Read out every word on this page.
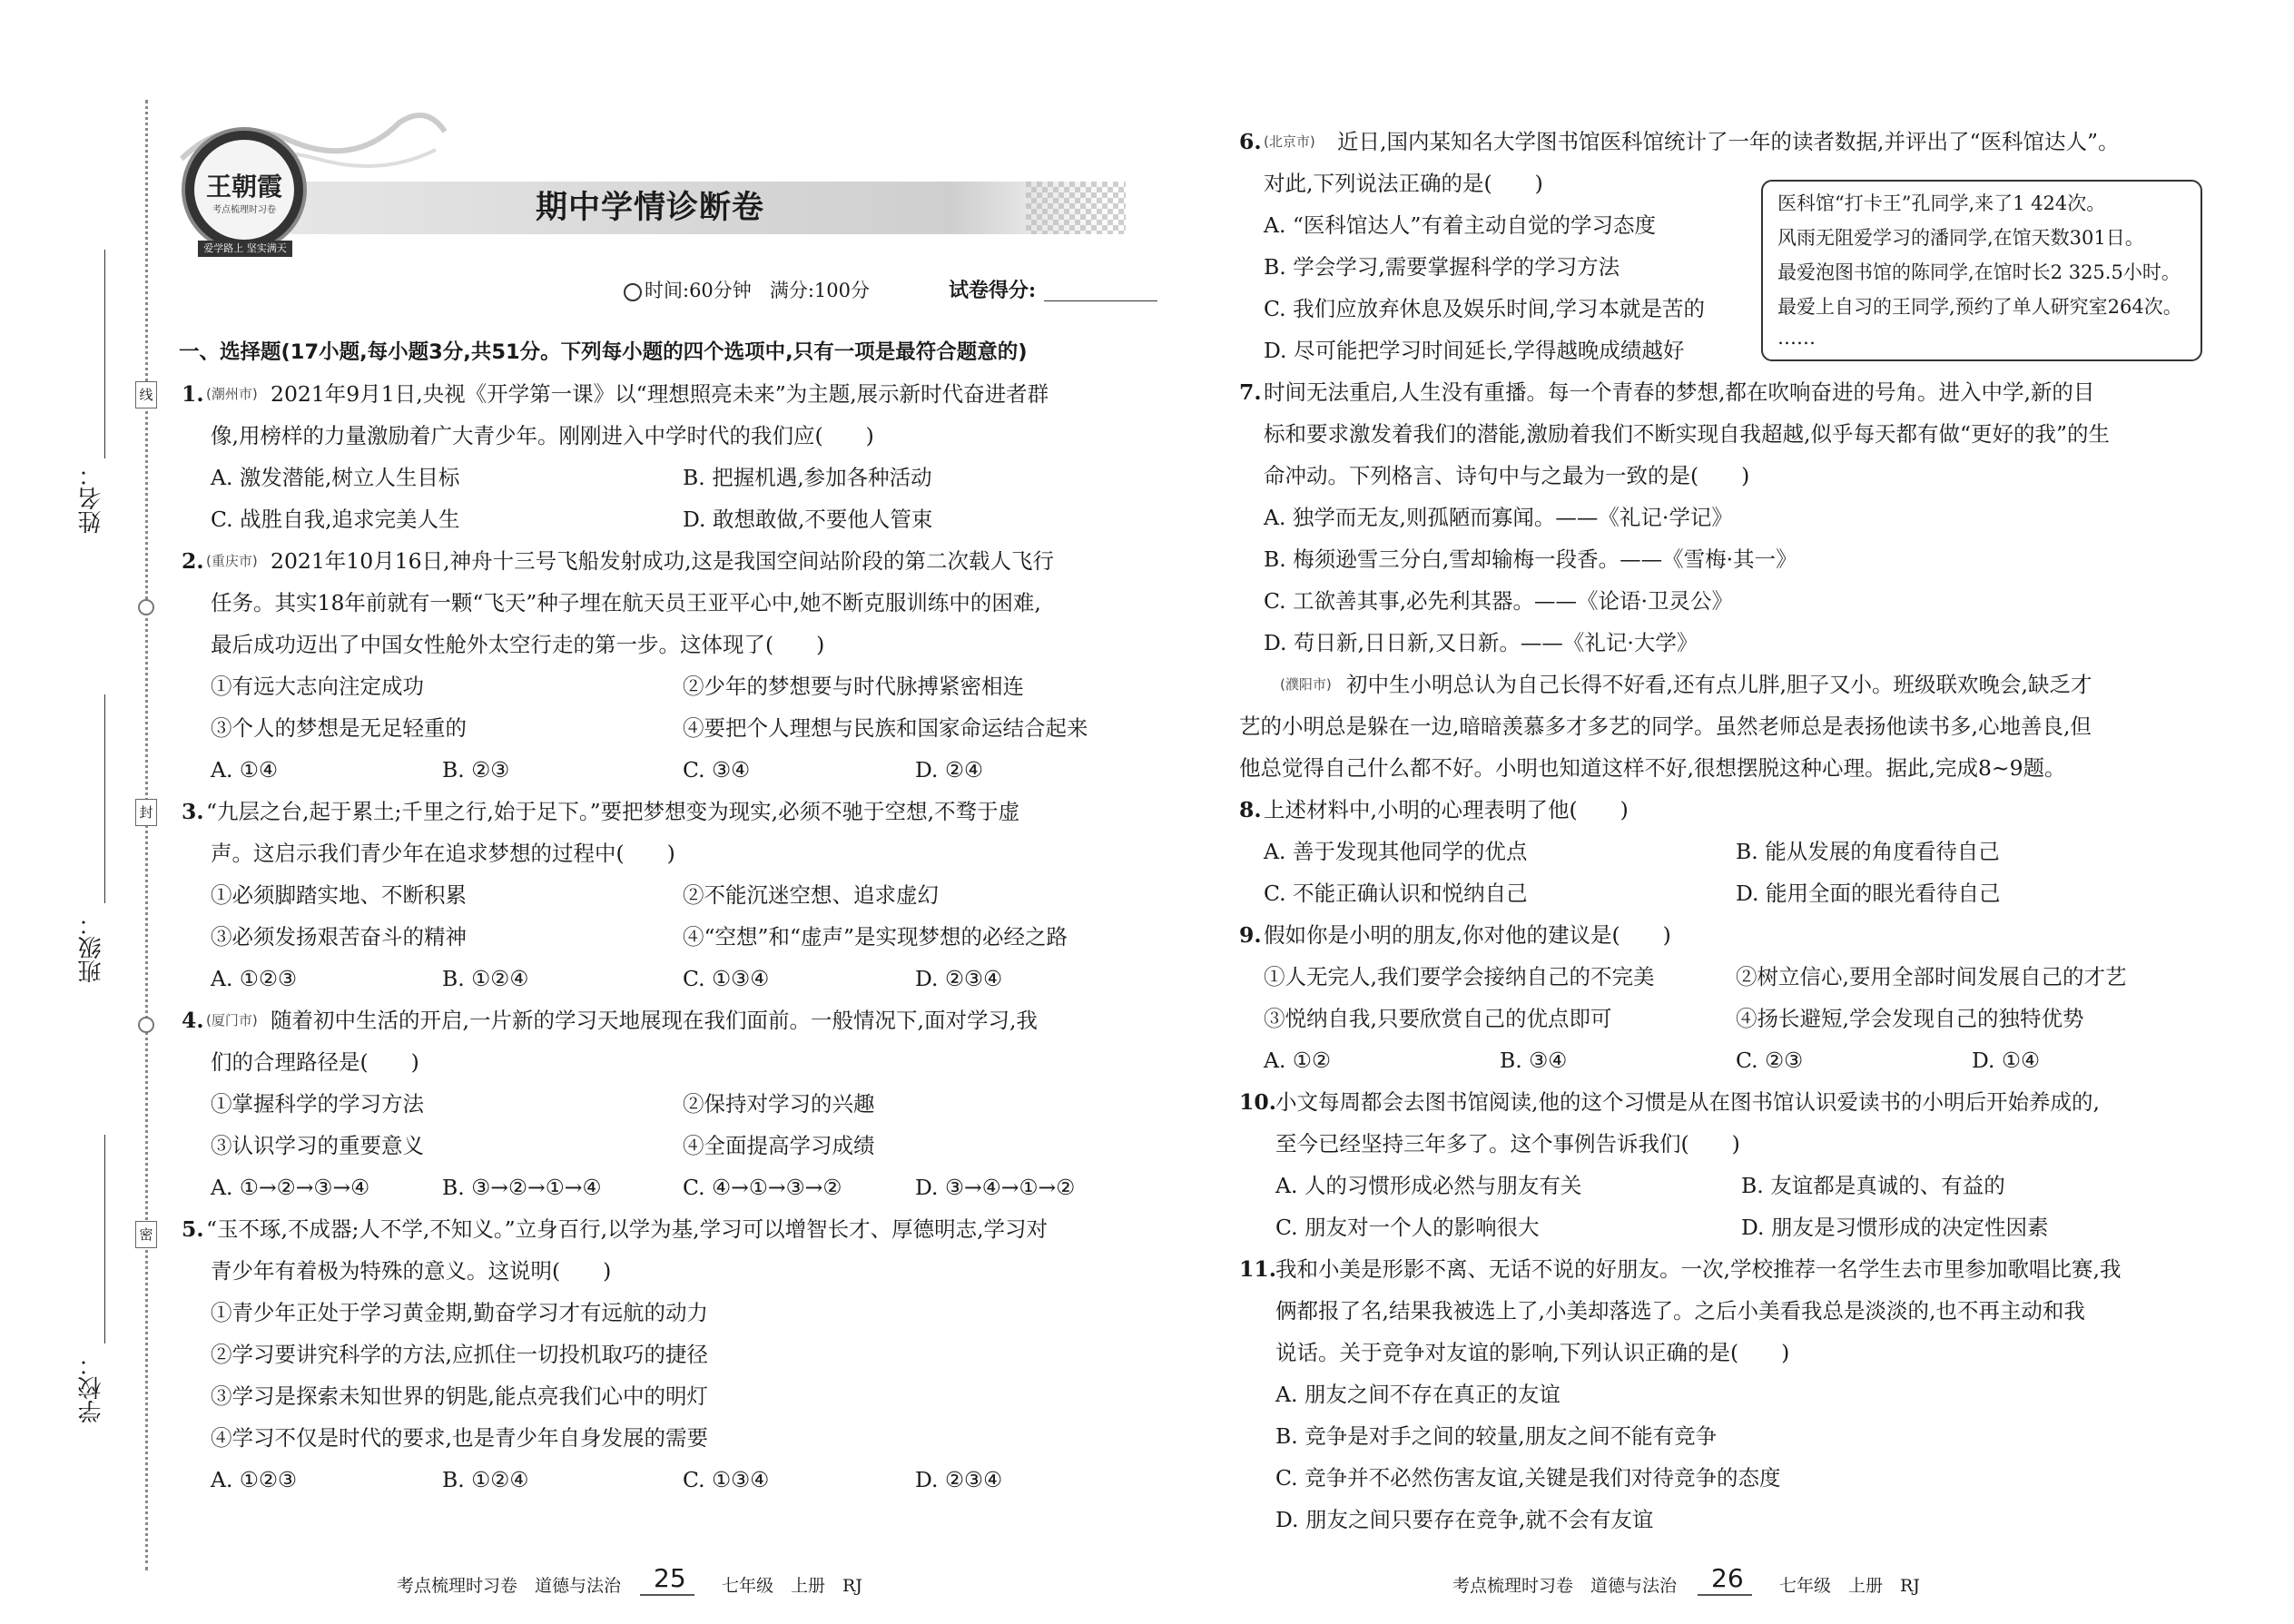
线
封
密
姓名：
班级：
学校：
王朝霞
考点梳理时习卷
爱学路上 坚实满天
期中学情诊断卷
时间:60分钟   满分:100分	试卷得分:
一、选择题(17小题,每小题3分,共51分。下列每小题的四个选项中,只有一项是最符合题意的)
1. (潮州市) 2021年9月1日,央视《开学第一课》以“理想照亮未来”为主题,展示新时代奋进者群
像,用榜样的力量激励着广大青少年。刚刚进入中学时代的我们应(　　)
A. 激发潜能,树立人生目标	B. 把握机遇,参加各种活动
C. 战胜自我,追求完美人生	D. 敢想敢做,不要他人管束
2. (重庆市) 2021年10月16日,神舟十三号飞船发射成功,这是我国空间站阶段的第二次载人飞行
任务。其实18年前就有一颗“飞天”种子埋在航天员王亚平心中,她不断克服训练中的困难,
最后成功迈出了中国女性舱外太空行走的第一步。这体现了(　　)
①有远大志向注定成功	②少年的梦想要与时代脉搏紧密相连
③个人的梦想是无足轻重的	④要把个人理想与民族和国家命运结合起来
A. ①④	B. ②③	C. ③④	D. ②④
3. “九层之台,起于累土;千里之行,始于足下。”要把梦想变为现实,必须不驰于空想,不骛于虚
声。这启示我们青少年在追求梦想的过程中(　　)
①必须脚踏实地、不断积累	②不能沉迷空想、追求虚幻
③必须发扬艰苦奋斗的精神	④“空想”和“虚声”是实现梦想的必经之路
A. ①②③	B. ①②④	C. ①③④	D. ②③④
4. (厦门市) 随着初中生活的开启,一片新的学习天地展现在我们面前。一般情况下,面对学习,我
们的合理路径是(　　)
①掌握科学的学习方法	②保持对学习的兴趣
③认识学习的重要意义	④全面提高学习成绩
A. ①→②→③→④	B. ③→②→①→④	C. ④→①→③→②	D. ③→④→①→②
5. “玉不琢,不成器;人不学,不知义。”立身百行,以学为基,学习可以增智长才、厚德明志,学习对
青少年有着极为特殊的意义。这说明(　　)
①青少年正处于学习黄金期,勤奋学习才有远航的动力
②学习要讲究科学的方法,应抓住一切投机取巧的捷径
③学习是探索未知世界的钥匙,能点亮我们心中的明灯
④学习不仅是时代的要求,也是青少年自身发展的需要
A. ①②③	B. ①②④	C. ①③④	D. ②③④
6. (北京市) 近日,国内某知名大学图书馆医科馆统计了一年的读者数据,并评出了“医科馆达人”。
对此,下列说法正确的是(　　)
A. “医科馆达人”有着主动自觉的学习态度
B. 学会学习,需要掌握科学的学习方法
C. 我们应放弃休息及娱乐时间,学习本就是苦的
D. 尽可能把学习时间延长,学得越晚成绩越好
医科馆“打卡王”孔同学,来了1 424次。
风雨无阻爱学习的潘同学,在馆天数301日。
最爱泡图书馆的陈同学,在馆时长2 325.5小时。
最爱上自习的王同学,预约了单人研究室264次。
……
7. 时间无法重启,人生没有重播。每一个青春的梦想,都在吹响奋进的号角。进入中学,新的目
标和要求激发着我们的潜能,激励着我们不断实现自我超越,似乎每天都有做“更好的我”的生
命冲动。下列格言、诗句中与之最为一致的是(　　)
A. 独学而无友,则孤陋而寡闻。——《礼记·学记》
B. 梅须逊雪三分白,雪却输梅一段香。——《雪梅·其一》
C. 工欲善其事,必先利其器。——《论语·卫灵公》
D. 苟日新,日日新,又日新。——《礼记·大学》
(濮阳市) 初中生小明总认为自己长得不好看,还有点儿胖,胆子又小。班级联欢晚会,缺乏才
艺的小明总是躲在一边,暗暗羡慕多才多艺的同学。虽然老师总是表扬他读书多,心地善良,但
他总觉得自己什么都不好。小明也知道这样不好,很想摆脱这种心理。据此,完成8~9题。
8. 上述材料中,小明的心理表明了他(　　)
A. 善于发现其他同学的优点	B. 能从发展的角度看待自己
C. 不能正确认识和悦纳自己	D. 能用全面的眼光看待自己
9. 假如你是小明的朋友,你对他的建议是(　　)
①人无完人,我们要学会接纳自己的不完美	②树立信心,要用全部时间发展自己的才艺
③悦纳自我,只要欣赏自己的优点即可	④扬长避短,学会发现自己的独特优势
A. ①②	B. ③④	C. ②③	D. ①④
10. 小文每周都会去图书馆阅读,他的这个习惯是从在图书馆认识爱读书的小明后开始养成的,
至今已经坚持三年多了。这个事例告诉我们(　　)
A. 人的习惯形成必然与朋友有关	B. 友谊都是真诚的、有益的
C. 朋友对一个人的影响很大	D. 朋友是习惯形成的决定性因素
11. 我和小美是形影不离、无话不说的好朋友。一次,学校推荐一名学生去市里参加歌唱比赛,我
俩都报了名,结果我被选上了,小美却落选了。之后小美看我总是淡淡的,也不再主动和我
说话。关于竞争对友谊的影响,下列认识正确的是(　　)
A. 朋友之间不存在真正的友谊
B. 竞争是对手之间的较量,朋友之间不能有竞争
C. 竞争并不必然伤害友谊,关键是我们对待竞争的态度
D. 朋友之间只要存在竞争,就不会有友谊
考点梳理时习卷　道德与法治 25 七年级　上册　RJ	考点梳理时习卷　道德与法治 26 七年级　上册　RJ
